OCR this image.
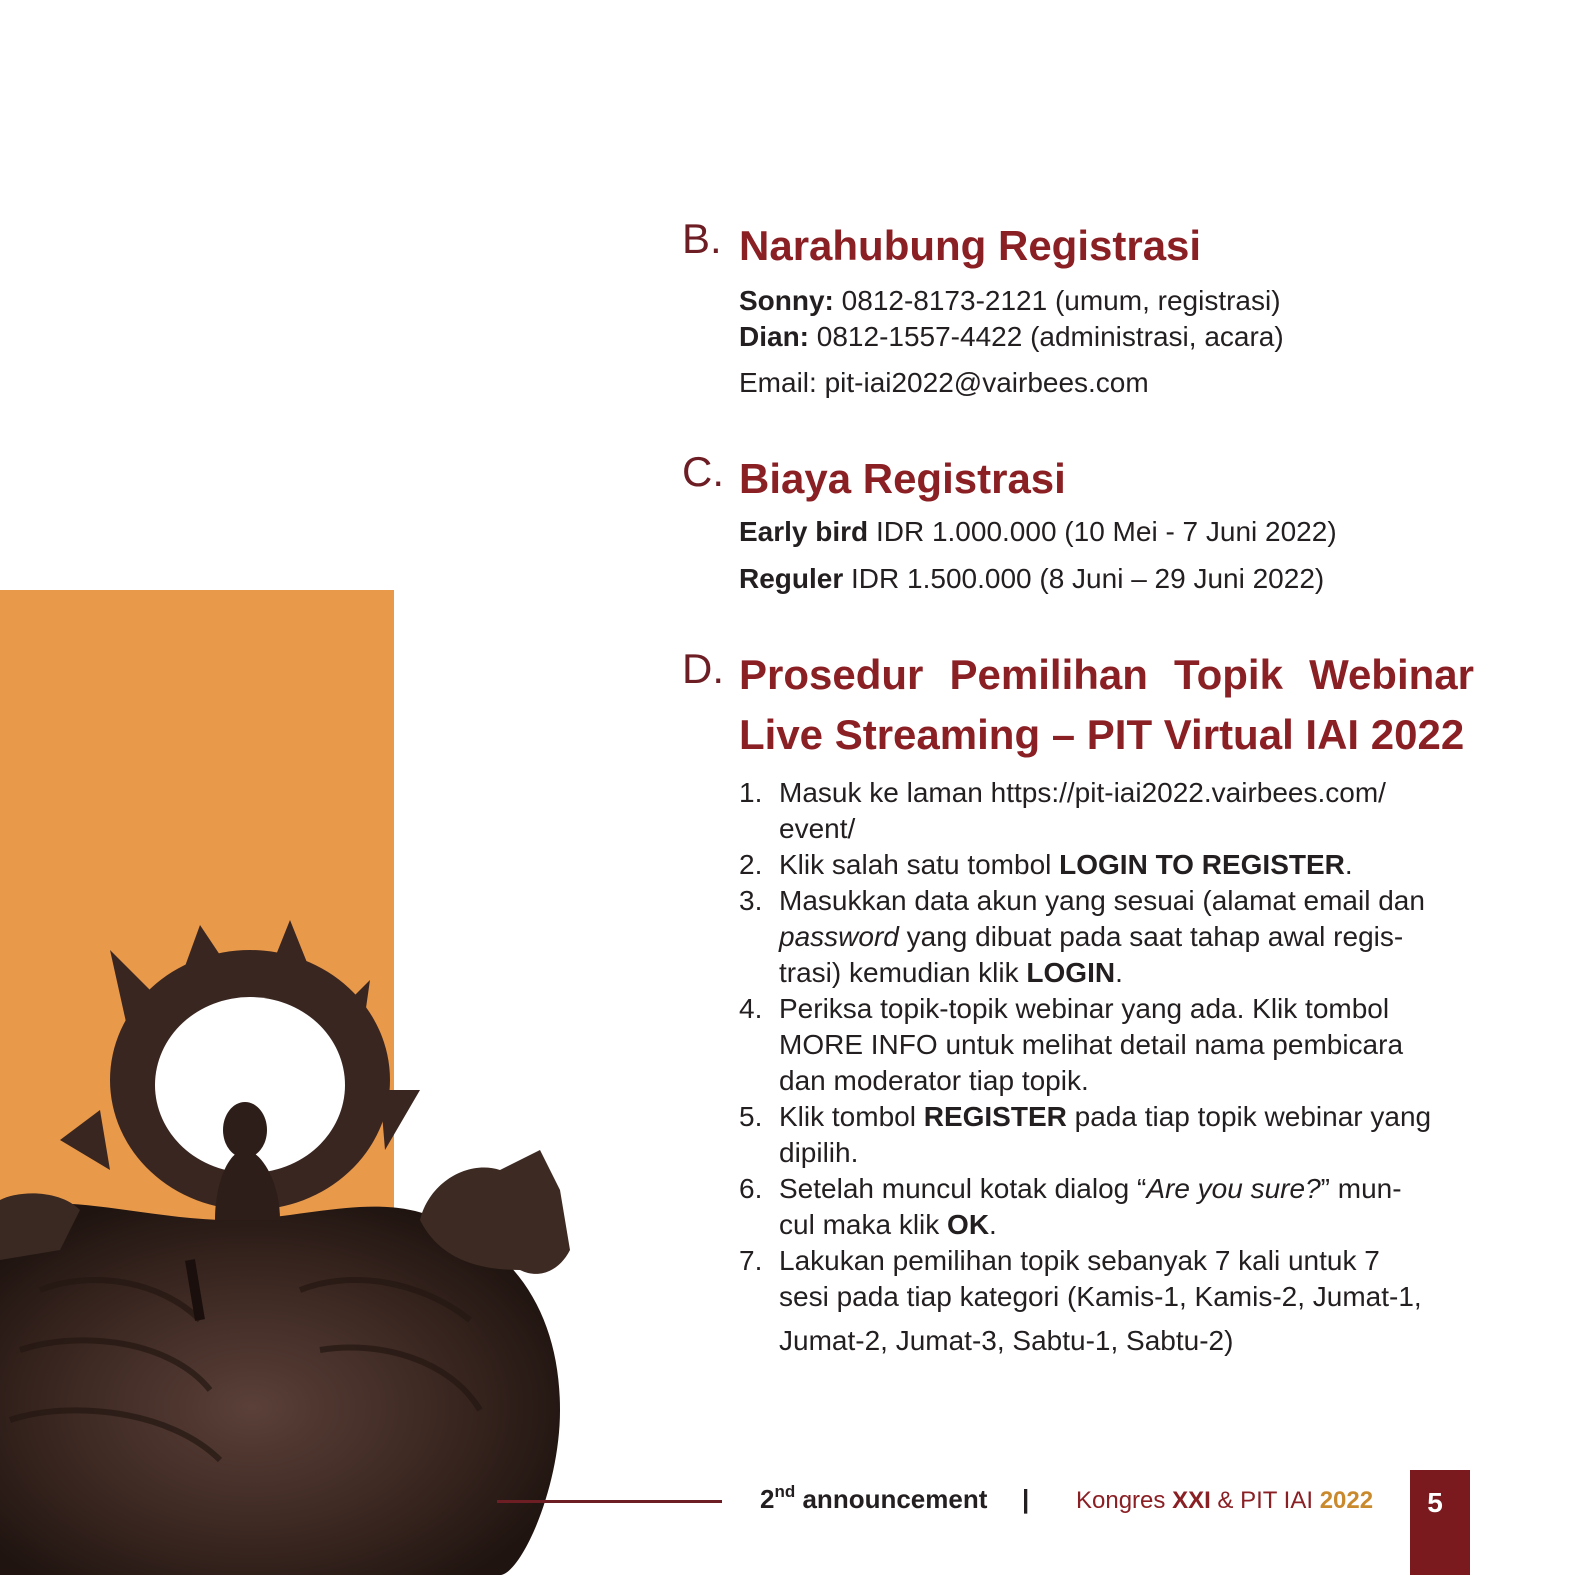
B. Narahubung Registrasi
Sonny: 0812-8173-2121 (umum, registrasi)
Dian: 0812-1557-4422 (administrasi, acara)
Email: pit-iai2022@vairbees.com
C. Biaya Registrasi
Early bird IDR 1.000.000 (10 Mei - 7 Juni 2022)
Reguler IDR 1.500.000 (8 Juni – 29 Juni 2022)
D. Prosedur Pemilihan Topik Webinar
Live Streaming – PIT Virtual IAI 2022
1. Masuk ke laman https://pit-iai2022.vairbees.com/
event/
2. Klik salah satu tombol LOGIN TO REGISTER.
3. Masukkan data akun yang sesuai (alamat email dan
password yang dibuat pada saat tahap awal regis-
trasi) kemudian klik LOGIN.
4. Periksa topik-topik webinar yang ada. Klik tombol
MORE INFO untuk melihat detail nama pembicara
dan moderator tiap topik.
5. Klik tombol REGISTER pada tiap topik webinar yang
dipilih.
6. Setelah muncul kotak dialog “Are you sure?” mun-
cul maka klik OK.
7. Lakukan pemilihan topik sebanyak 7 kali untuk 7
sesi pada tiap kategori (Kamis-1, Kamis-2, Jumat-1,
Jumat-2, Jumat-3, Sabtu-1, Sabtu-2)
2nd announcement | Kongres XXI & PIT IAI 2022	5
